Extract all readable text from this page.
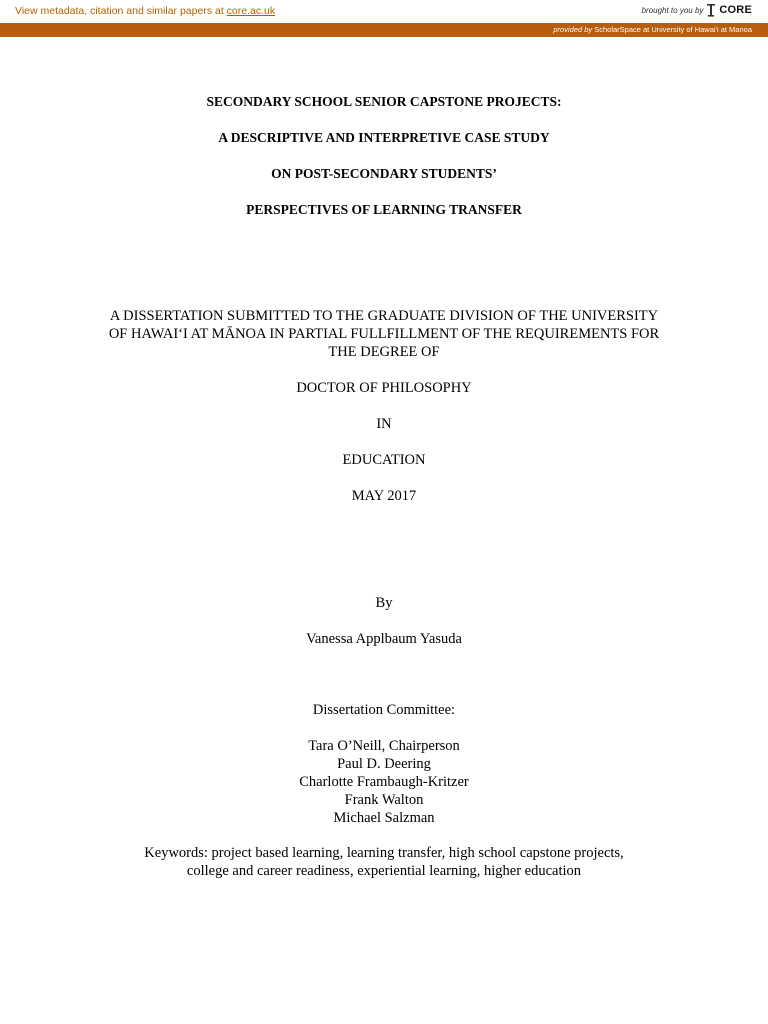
View metadata, citation and similar papers at core.ac.uk	brought to you by CORE
provided by ScholarSpace at University of Hawai'i at Manoa
SECONDARY SCHOOL SENIOR CAPSTONE PROJECTS:
A DESCRIPTIVE AND INTERPRETIVE CASE STUDY
ON POST-SECONDARY STUDENTS’
PERSPECTIVES OF LEARNING TRANSFER
A DISSERTATION SUBMITTED TO THE GRADUATE DIVISION OF THE UNIVERSITY
OF HAWAI‘I AT MĀNOA IN PARTIAL FULLFILLMENT OF THE REQUIREMENTS FOR
THE DEGREE OF
DOCTOR OF PHILOSOPHY
IN
EDUCATION
MAY 2017
By
Vanessa Applbaum Yasuda
Dissertation Committee:
Tara O’Neill, Chairperson
Paul D. Deering
Charlotte Frambaugh-Kritzer
Frank Walton
Michael Salzman
Keywords: project based learning, learning transfer, high school capstone projects,
college and career readiness, experiential learning, higher education
